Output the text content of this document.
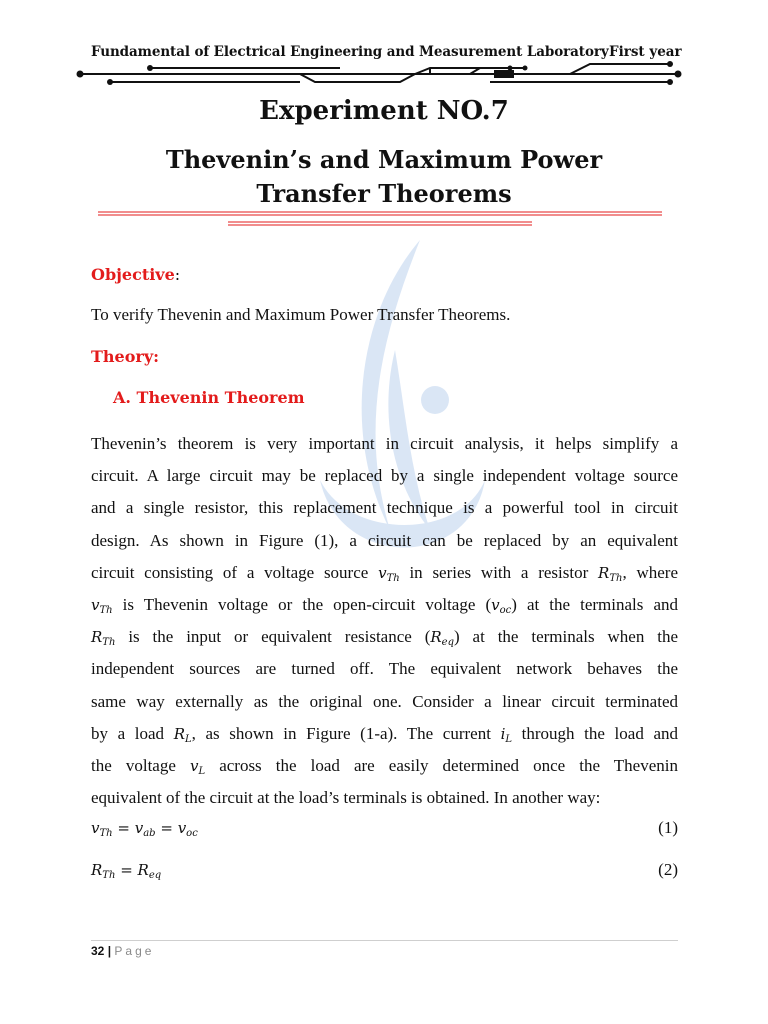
Fundamental of Electrical Engineering and Measurement Laboratory First year
Experiment NO.7
Thevenin’s and Maximum Power
Transfer Theorems
Objective:
To verify Thevenin and Maximum Power Transfer Theorems.
Theory:
A. Thevenin Theorem
Thevenin’s theorem is very important in circuit analysis, it helps simplify a
circuit. A large circuit may be replaced by a single independent voltage source
and a single resistor, this replacement technique is a powerful tool in circuit
design. As shown in Figure (1), a circuit can be replaced by an equivalent
circuit consisting of a voltage source $v_{Th}$ in series with a resistor $R_{Th}$, where
$v_{Th}$ is Thevenin voltage or the open-circuit voltage $(v_{oc})$ at the terminals and
$R_{Th}$ is the input or equivalent resistance $(R_{eq})$ at the terminals when the
independent sources are turned off. The equivalent network behaves the
same way externally as the original one. Consider a linear circuit terminated
by a load $R_L$, as shown in Figure (1-a). The current $i_L$ through the load and
the voltage $v_L$ across the load are easily determined once the Thevenin
equivalent of the circuit at the load’s terminals is obtained. In another way:
$v_{Th} = v_{ab} = v_{oc}$	(1)
$R_{Th} = R_{eq}$	(2)
32 | Page
